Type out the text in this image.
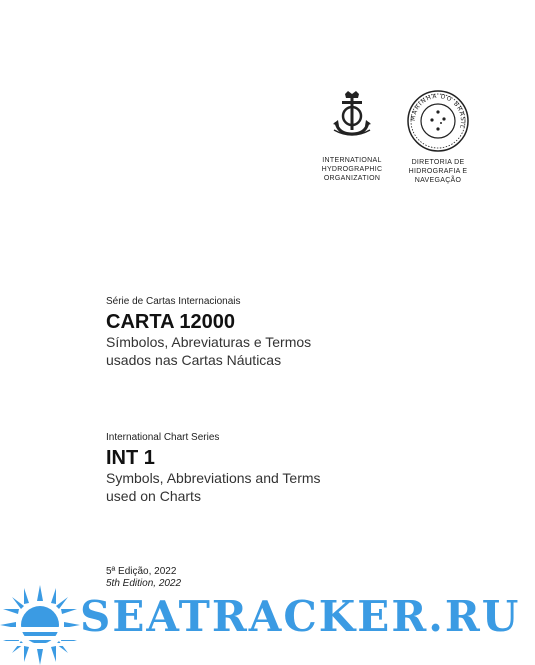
INTERNATIONAL
HYDROGRAPHIC
ORGANIZATION
MARINHA DO BRASIL
DIRETORIA DE
HIDROGRAFIA E
NAVEGAÇÃO
Série de Cartas Internacionais
CARTA 12000
Símbolos, Abreviaturas e Termos
usados nas Cartas Náuticas
International Chart Series
INT 1
Symbols, Abbreviations and Terms
used on Charts
5ª Edição, 2022
5th Edition, 2022
SEATRACKER.RU
